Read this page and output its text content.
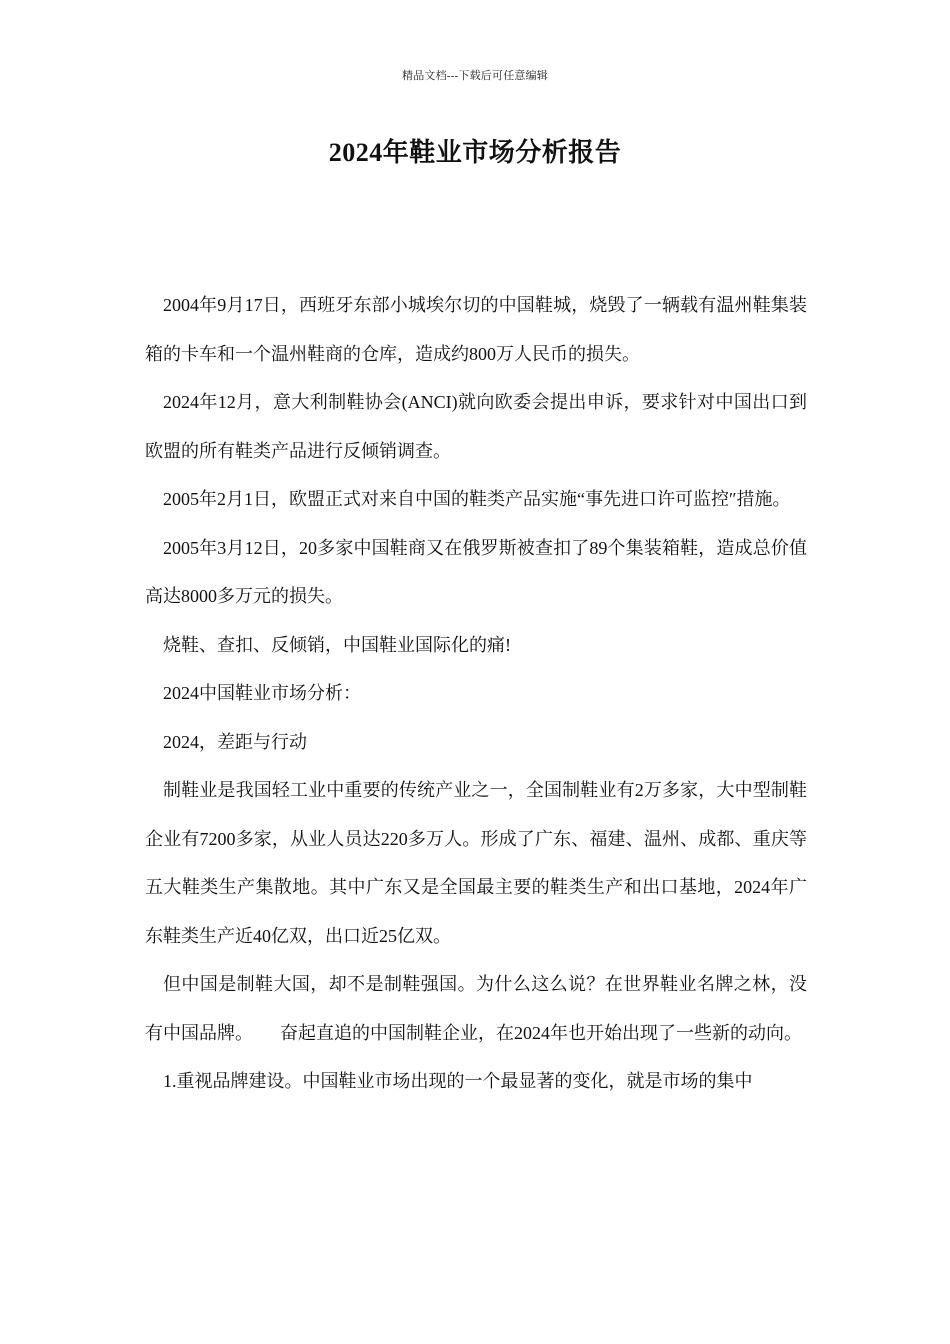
精品文档---下载后可任意编辑
2024年鞋业市场分析报告

2004年9月17日，西班牙东部小城埃尔切的中国鞋城，烧毁了一辆载有温州鞋集装箱的卡车和一个温州鞋商的仓库，造成约800万人民币的损失。

2024年12月，意大利制鞋协会(ANCI)就向欧委会提出申诉，要求针对中国出口到欧盟的所有鞋类产品进行反倾销调查。

2005年2月1日，欧盟正式对来自中国的鞋类产品实施“事先进口许可监控″措施。

2005年3月12日，20多家中国鞋商又在俄罗斯被查扣了89个集装箱鞋，造成总价值高达8000多万元的损失。

烧鞋、查扣、反倾销，中国鞋业国际化的痛!

2024中国鞋业市场分析：

2024，差距与行动

制鞋业是我国轻工业中重要的传统产业之一，全国制鞋业有2万多家，大中型制鞋企业有7200多家，从业人员达220多万人。形成了广东、福建、温州、成都、重庆等五大鞋类生产集散地。其中广东又是全国最主要的鞋类生产和出口基地，2024年广东鞋类生产近40亿双，出口近25亿双。

但中国是制鞋大国，却不是制鞋强国。为什么这么说？在世界鞋业名牌之林，没有中国品牌。　　奋起直追的中国制鞋企业，在2024年也开始出现了一些新的动向。

1.重视品牌建设。中国鞋业市场出现的一个最显著的变化，就是市场的集中
